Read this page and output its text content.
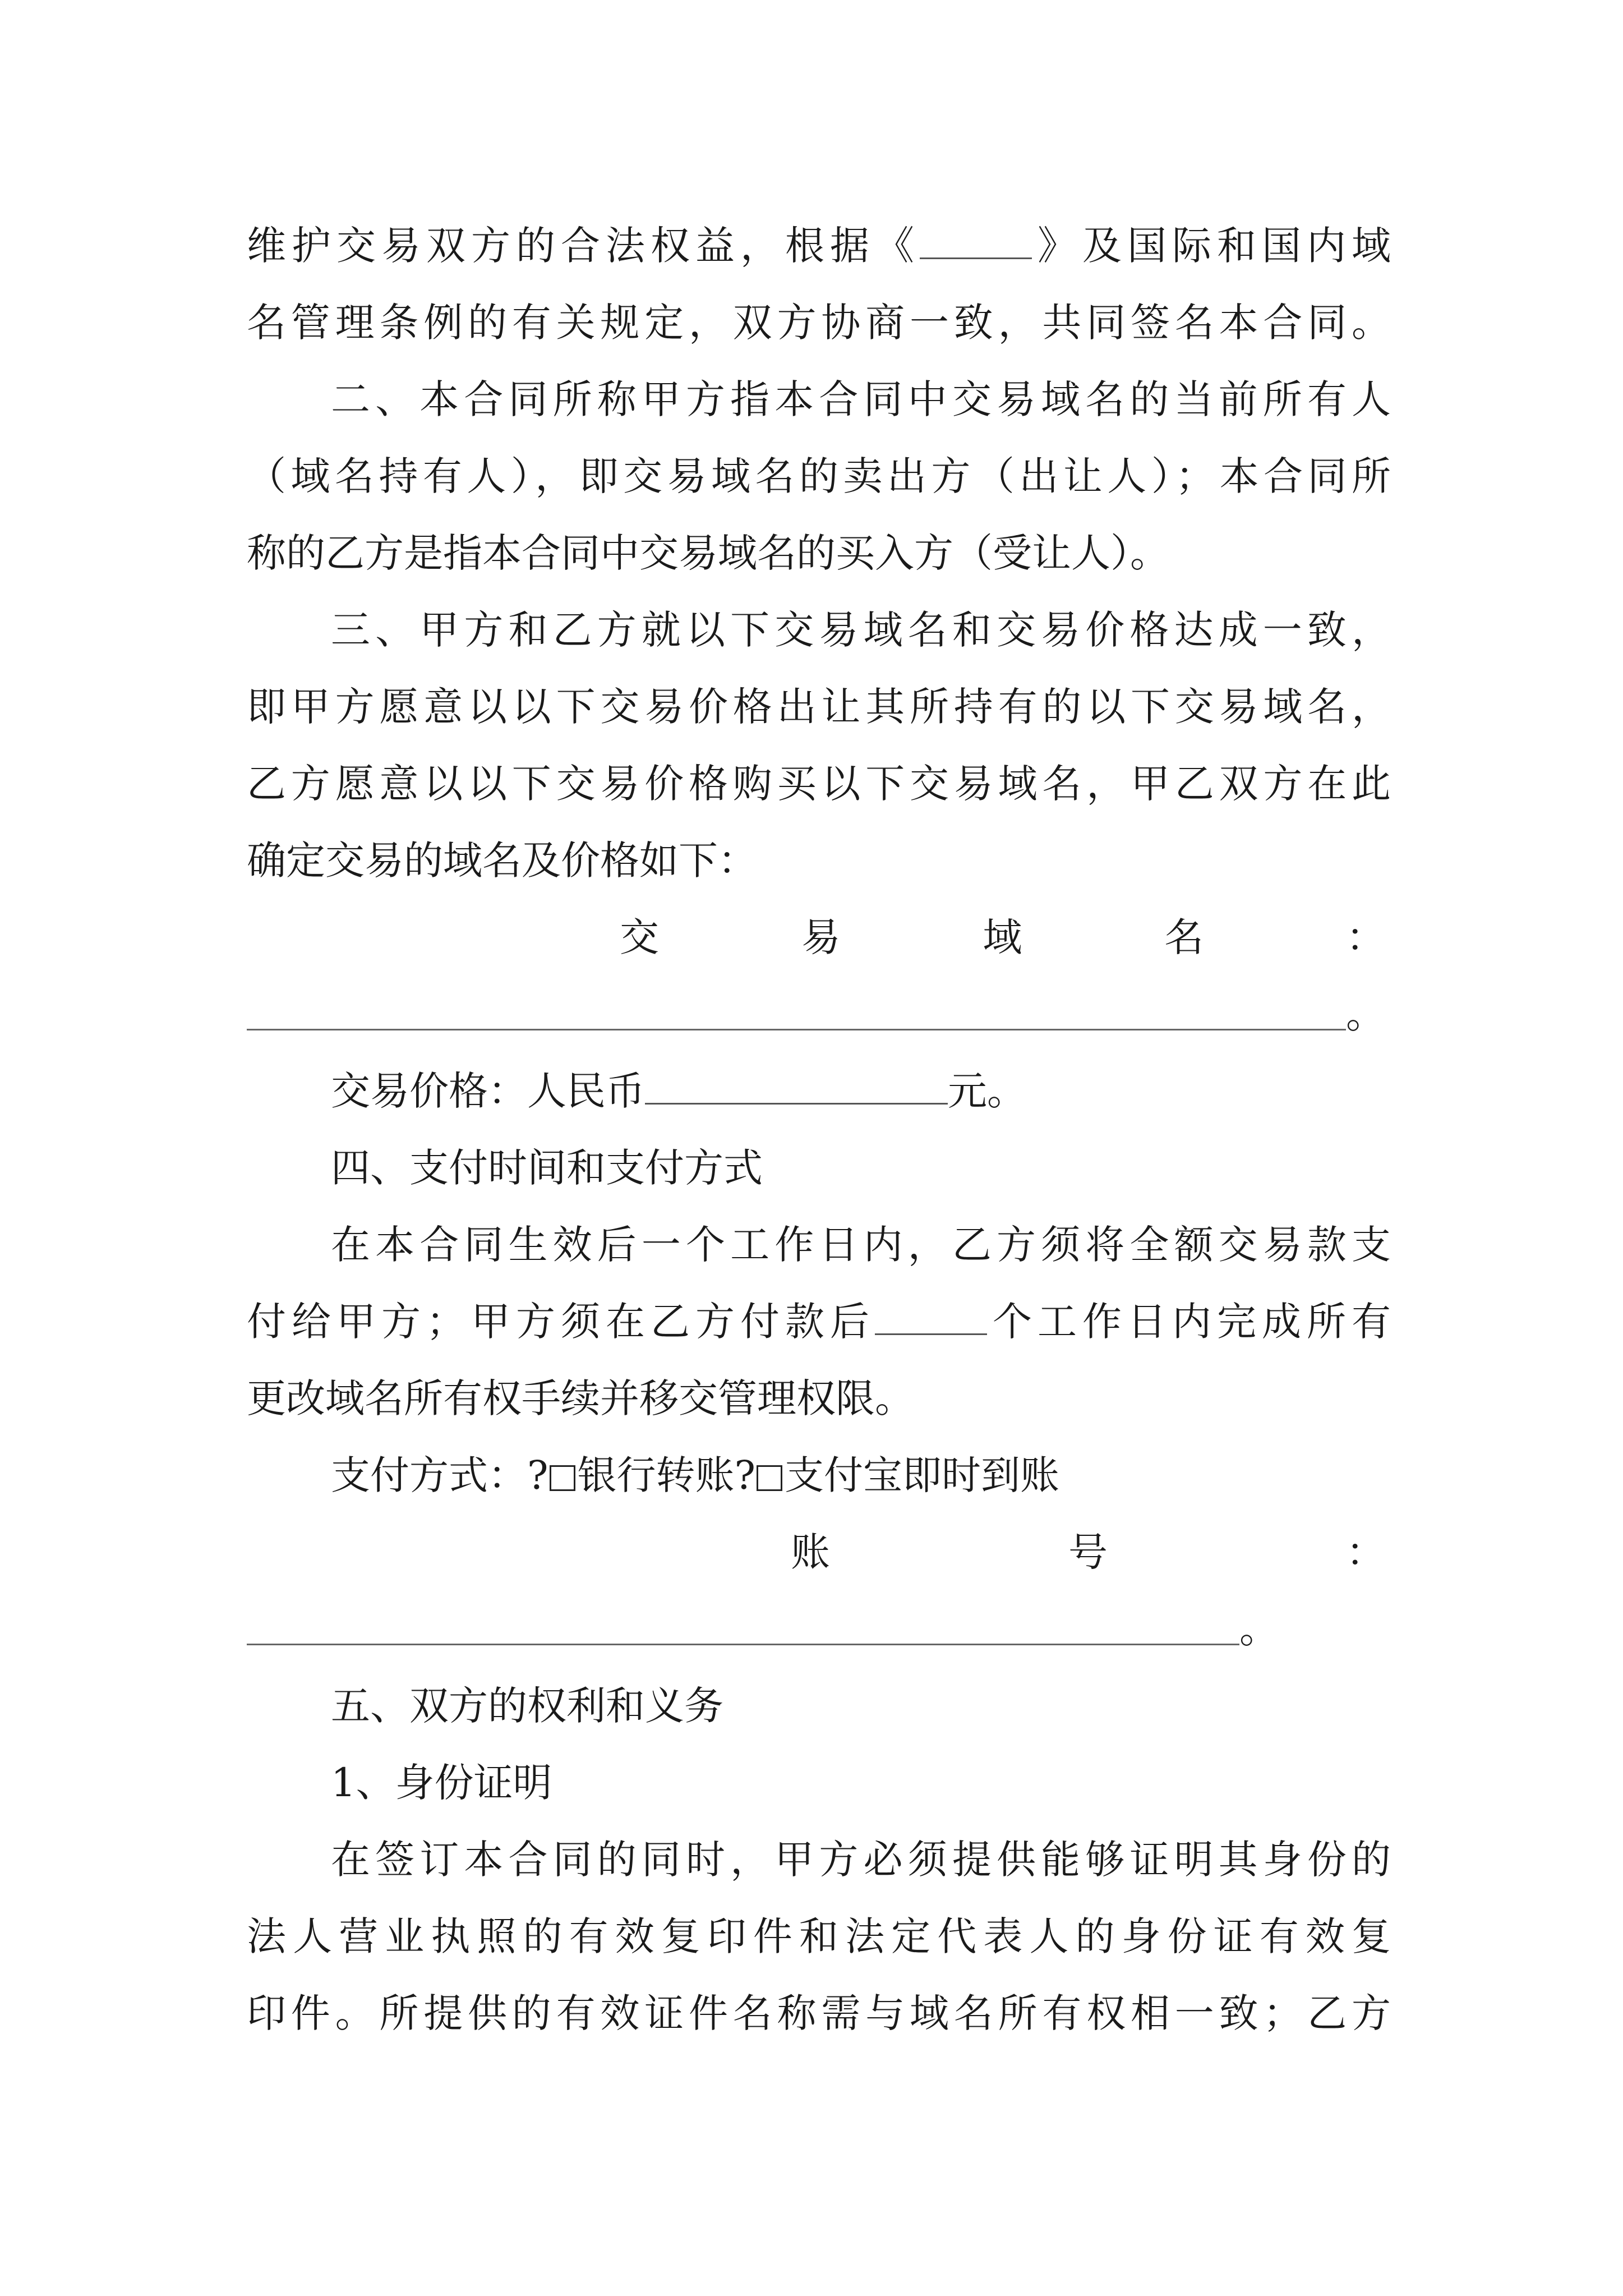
维护交易双方的合法权益，根据《	》及国际和国内域
名管理条例的有关规定，双方协商一致，共同签名本合同。
二、本合同所称甲方指本合同中交易域名的当前所有人
（域名持有人），即交易域名的卖出方（出让人）；本合同所
称的乙方是指本合同中交易域名的买入方（受让人）。
三、甲方和乙方就以下交易域名和交易价格达成一致，
即甲方愿意以以下交易价格出让其所持有的以下交易域名，
乙方愿意以以下交易价格购买以下交易域名，甲乙双方在此
确定交易的域名及价格如下：
交	易	域	名	：
。
交易价格：人民币	元。
四、支付时间和支付方式
在本合同生效后一个工作日内，乙方须将全额交易款支
付给甲方；甲方须在乙方付款后	个工作日内完成所有
更改域名所有权手续并移交管理权限。
支付方式：? 银行转账? 支付宝即时到账
账	号	：
。
五、双方的权利和义务
1、身份证明
在签订本合同的同时，甲方必须提供能够证明其身份的
法人营业执照的有效复印件和法定代表人的身份证有效复
印件。所提供的有效证件名称需与域名所有权相一致；乙方
